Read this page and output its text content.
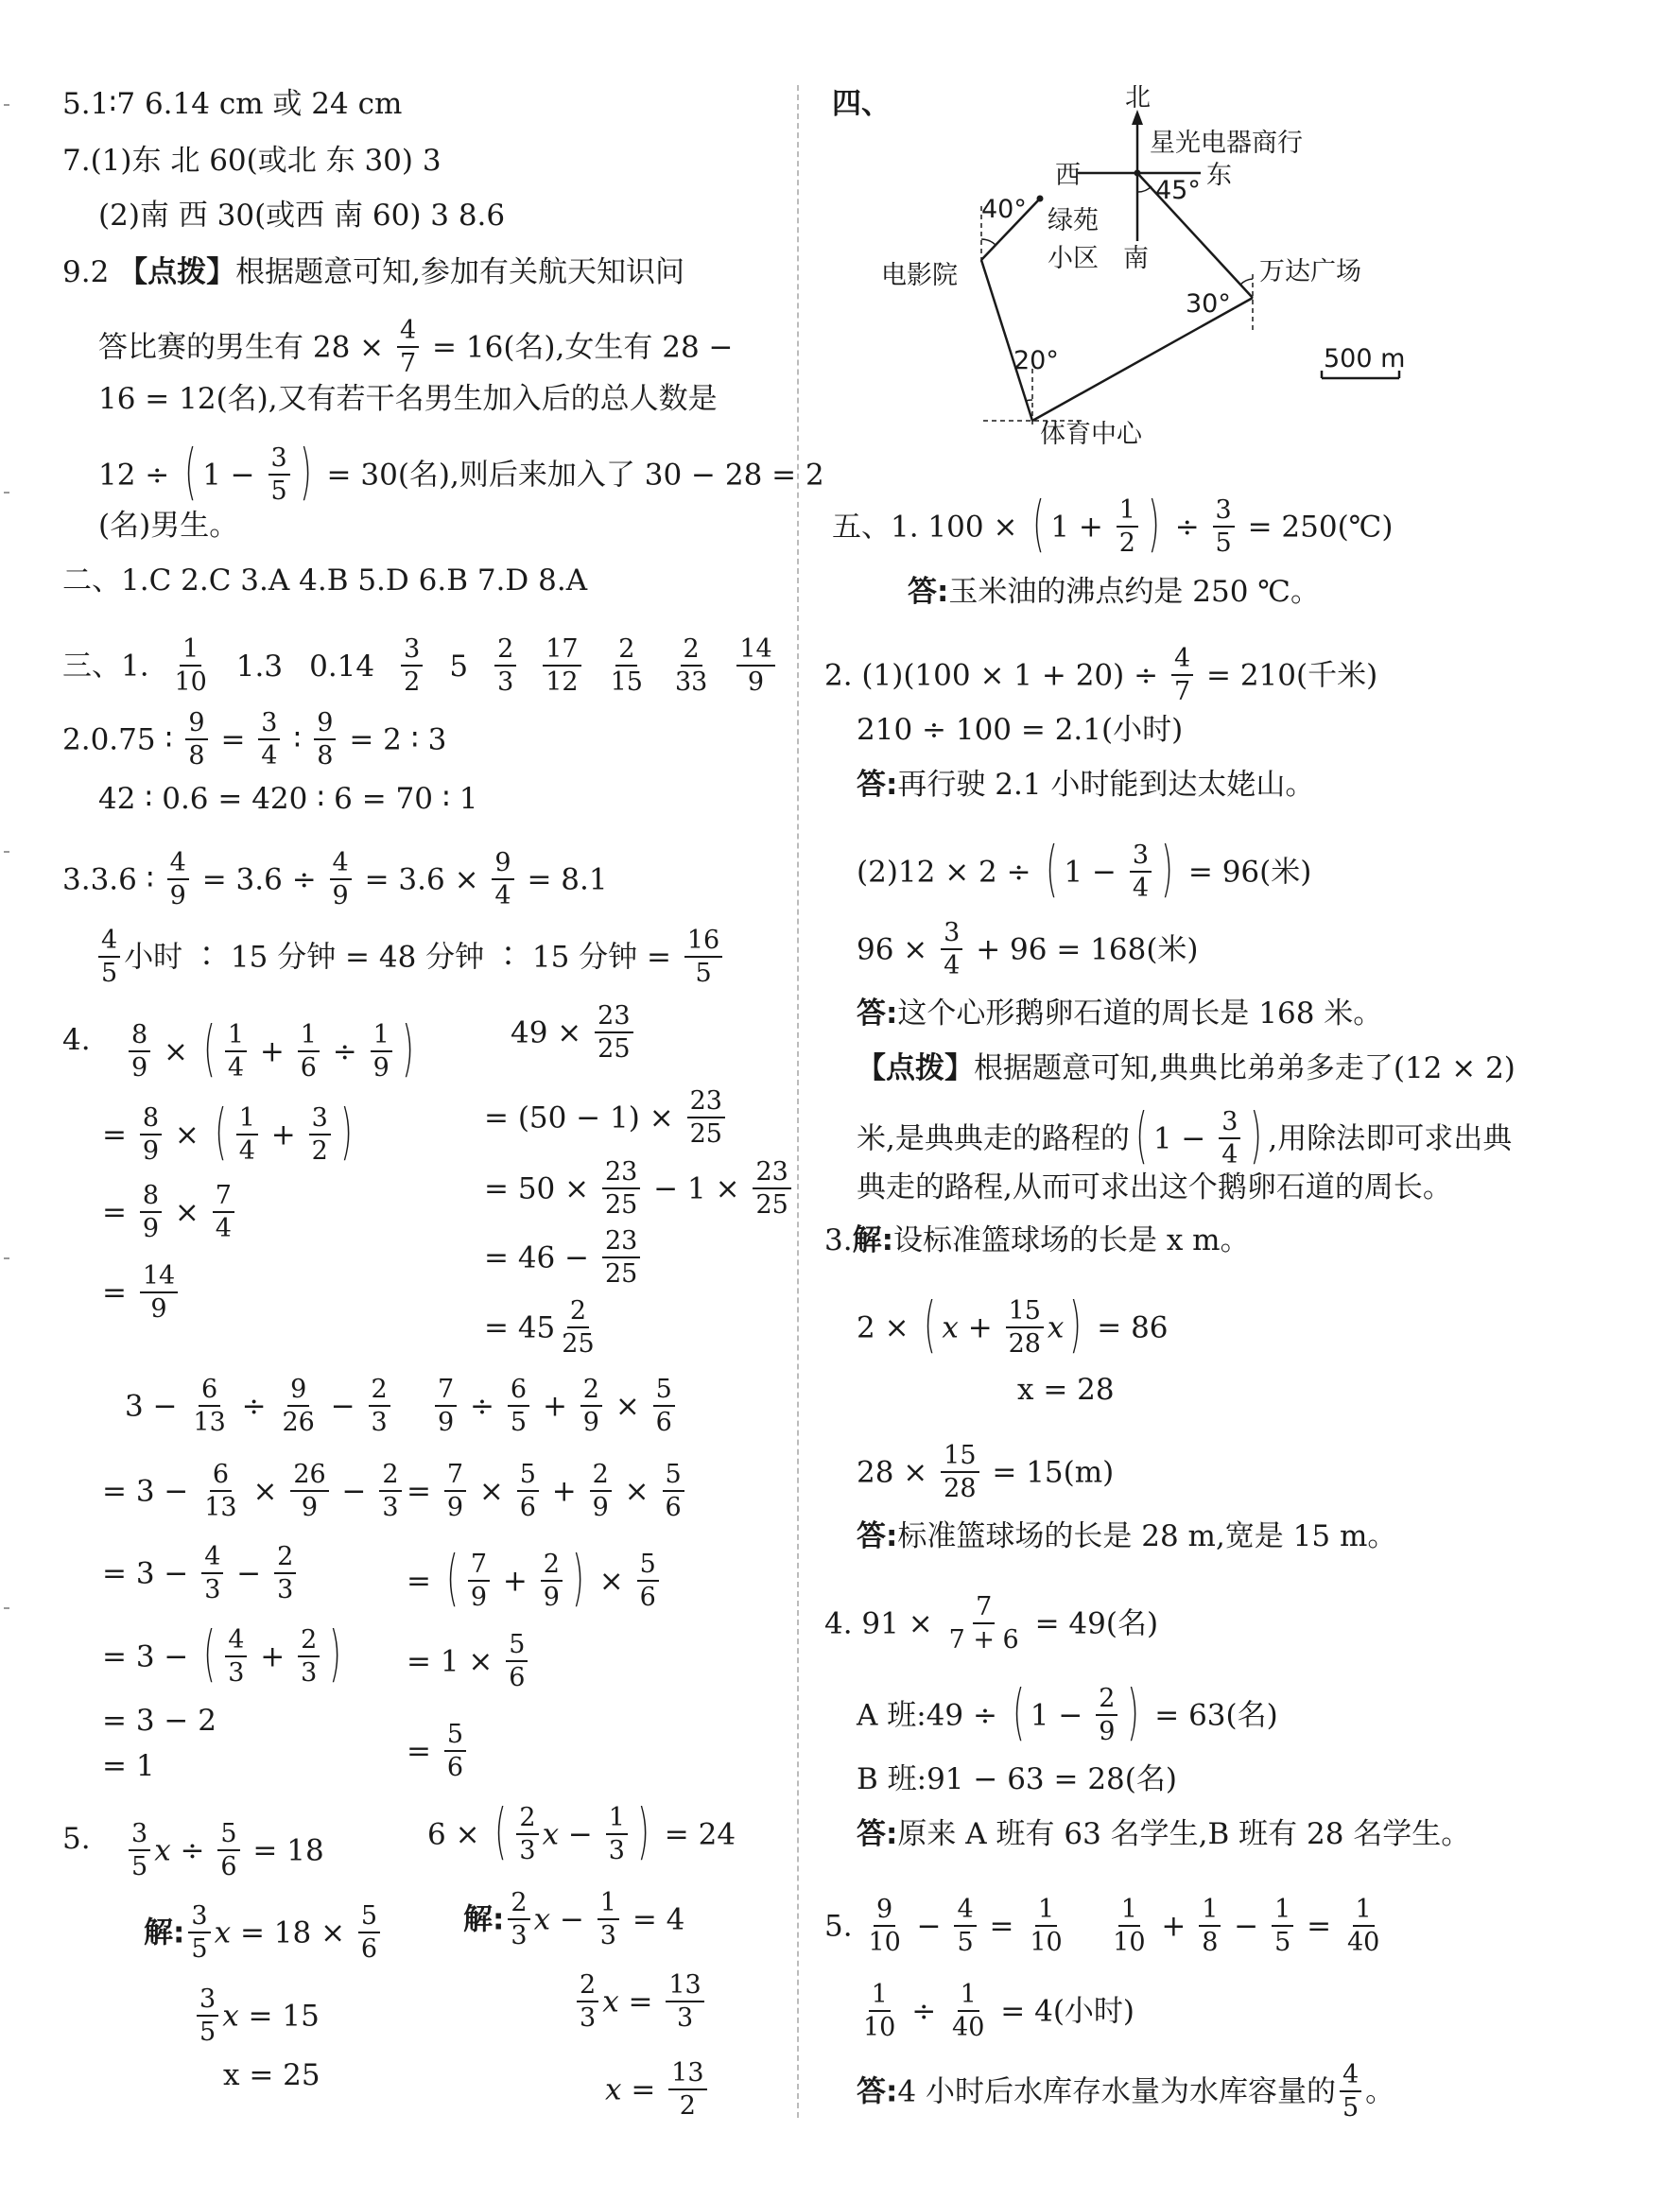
5.1∶7 6.14 cm 或 24 cm
7.(1)东 北 60(或北 东 30) 3
(2)南 西 30(或西 南 60) 3 8.6
9.2 【点拨】根据题意可知,参加有关航天知识问
答比赛的男生有 $28 \times \frac{4}{7} = 16$(名),女生有 28 −
16 = 12(名),又有若干名男生加入后的总人数是
12 ÷ ( $1 - \frac{3}{5}$ ) = 30(名),则后来加入了 30 − 28 = 2
(名)男生。
二、1.C 2.C 3.A 4.B 5.D 6.B 7.D 8.A
三、1. $\frac{1}{10} 1.3$ $0.14 \frac{3}{2} 5 \frac{2}{3} \frac{17}{12} \frac{2}{15} \frac{2}{33} \frac{14}{9}$
2.0.75 ∶ $\frac{9}{8} = \frac{3}{4}$ ∶ $\frac{9}{8} = 2$ ∶ 3
42 ∶ 0.6 = 420 ∶ 6 = 70 ∶ 1
3.3.6 ∶ $\frac{4}{9} = 3.6 \div \frac{4}{9} = 3.6 \times \frac{9}{4} = 8.1$
$\frac{4}{5}$ 小时 ∶ 15 分钟 = 48 分钟 ∶ 15 分钟 = $\frac{16}{5}$
4. $\frac{8}{9}$ × ( $\frac{1}{4} + \frac{1}{6} \div \frac{1}{9}$ )
= $\frac{8}{9}$ × ( $\frac{1}{4} + \frac{3}{2}$ )
= $\frac{8}{9} \times \frac{7}{4}$
= $\frac{14}{9}$
$49 \times \frac{23}{25}$
= $(50 - 1) \times \frac{23}{25}$
= $50 \times \frac{23}{25} - 1 \times \frac{23}{25}$
= $46 - \frac{23}{25}$
= $45 \frac{2}{25}$
$3 - \frac{6}{13} \div \frac{9}{26} - \frac{2}{3}$
= $3 - \frac{6}{13} \times \frac{26}{9} - \frac{2}{3}$
= $3 - \frac{4}{3} - \frac{2}{3}$
= 3 − ( $\frac{4}{3} + \frac{2}{3}$ )
= 3 − 2
= 1
$\frac{7}{9} \div \frac{6}{5} + \frac{2}{9} \times \frac{5}{6}$
= $\frac{7}{9} \times \frac{5}{6} + \frac{2}{9} \times \frac{5}{6}$
= ( $\frac{7}{9} + \frac{2}{9}$ ) × $\frac{5}{6}$
= $1 \times \frac{5}{6}$
= $\frac{5}{6}$
5. $\frac{3}{5}$ $x \div \frac{5}{6} = 18$
解: $\frac{3}{5}$ $x = 18 \times \frac{5}{6}$
$\frac{3}{5}$ x = 15
x = 25
6 × ( $\frac{2}{3}$ $x - \frac{1}{3}$ ) = 24
解: $\frac{2}{3}$ $x - \frac{1}{3} = 4$
$\frac{2}{3}$ $x = \frac{13}{3}$
$x = \frac{13}{2}$
四、	北
星光电器商行
西	东
南
绿苑
小区
电影院	万达广场
体育中心
40°
45°
30°
20°	500 m
五、1. 100 × ( $1 + \frac{1}{2}$ ) ÷ $\frac{3}{5}$ = 250(℃)
答:玉米油的沸点约是 250 ℃。
2. $(1)(100 \times 1 + 20) \div \frac{4}{7} = 210$(千米)
210 ÷ 100 = 2.1(小时)
答:再行驶 2.1 小时能到达太姥山。
(2)12 × 2 ÷ ( $1 - \frac{3}{4}$ ) = 96(米)
$96 \times \frac{3}{4} + 96 = 168$(米)
答:这个心形鹅卵石道的周长是 168 米。
【点拨】根据题意可知,典典比弟弟多走了(12 × 2)
米,是典典走的路程的( $1 - \frac{3}{4}$ ) ,用除法即可求出典
典走的路程,从而可求出这个鹅卵石道的周长。
3.解:设标准篮球场的长是 x m。
2 × ( $x + \frac{15}{28} x) = 86$
x = 28
$28 \times \frac{15}{28} = 15(m)$
答:标准篮球场的长是 28 m,宽是 15 m。
4. $91 \times \frac{7}{7 + 6} = 49$(名)
A 班:49 ÷ ( $1 - \frac{2}{9}$ ) = 63(名)
B 班:91 − 63 = 28(名)
答:原来 A 班有 63 名学生,B 班有 28 名学生。
5. $\frac{9}{10} - \frac{4}{5} = \frac{1}{10}$
$\frac{1}{10} + \frac{1}{8} - \frac{1}{5} = \frac{1}{40}$
$\frac{1}{10} \div \frac{1}{40} = 4$(小时)
答:4 小时后水库存水量为水库容量的 $\frac{4}{5}$ 。
